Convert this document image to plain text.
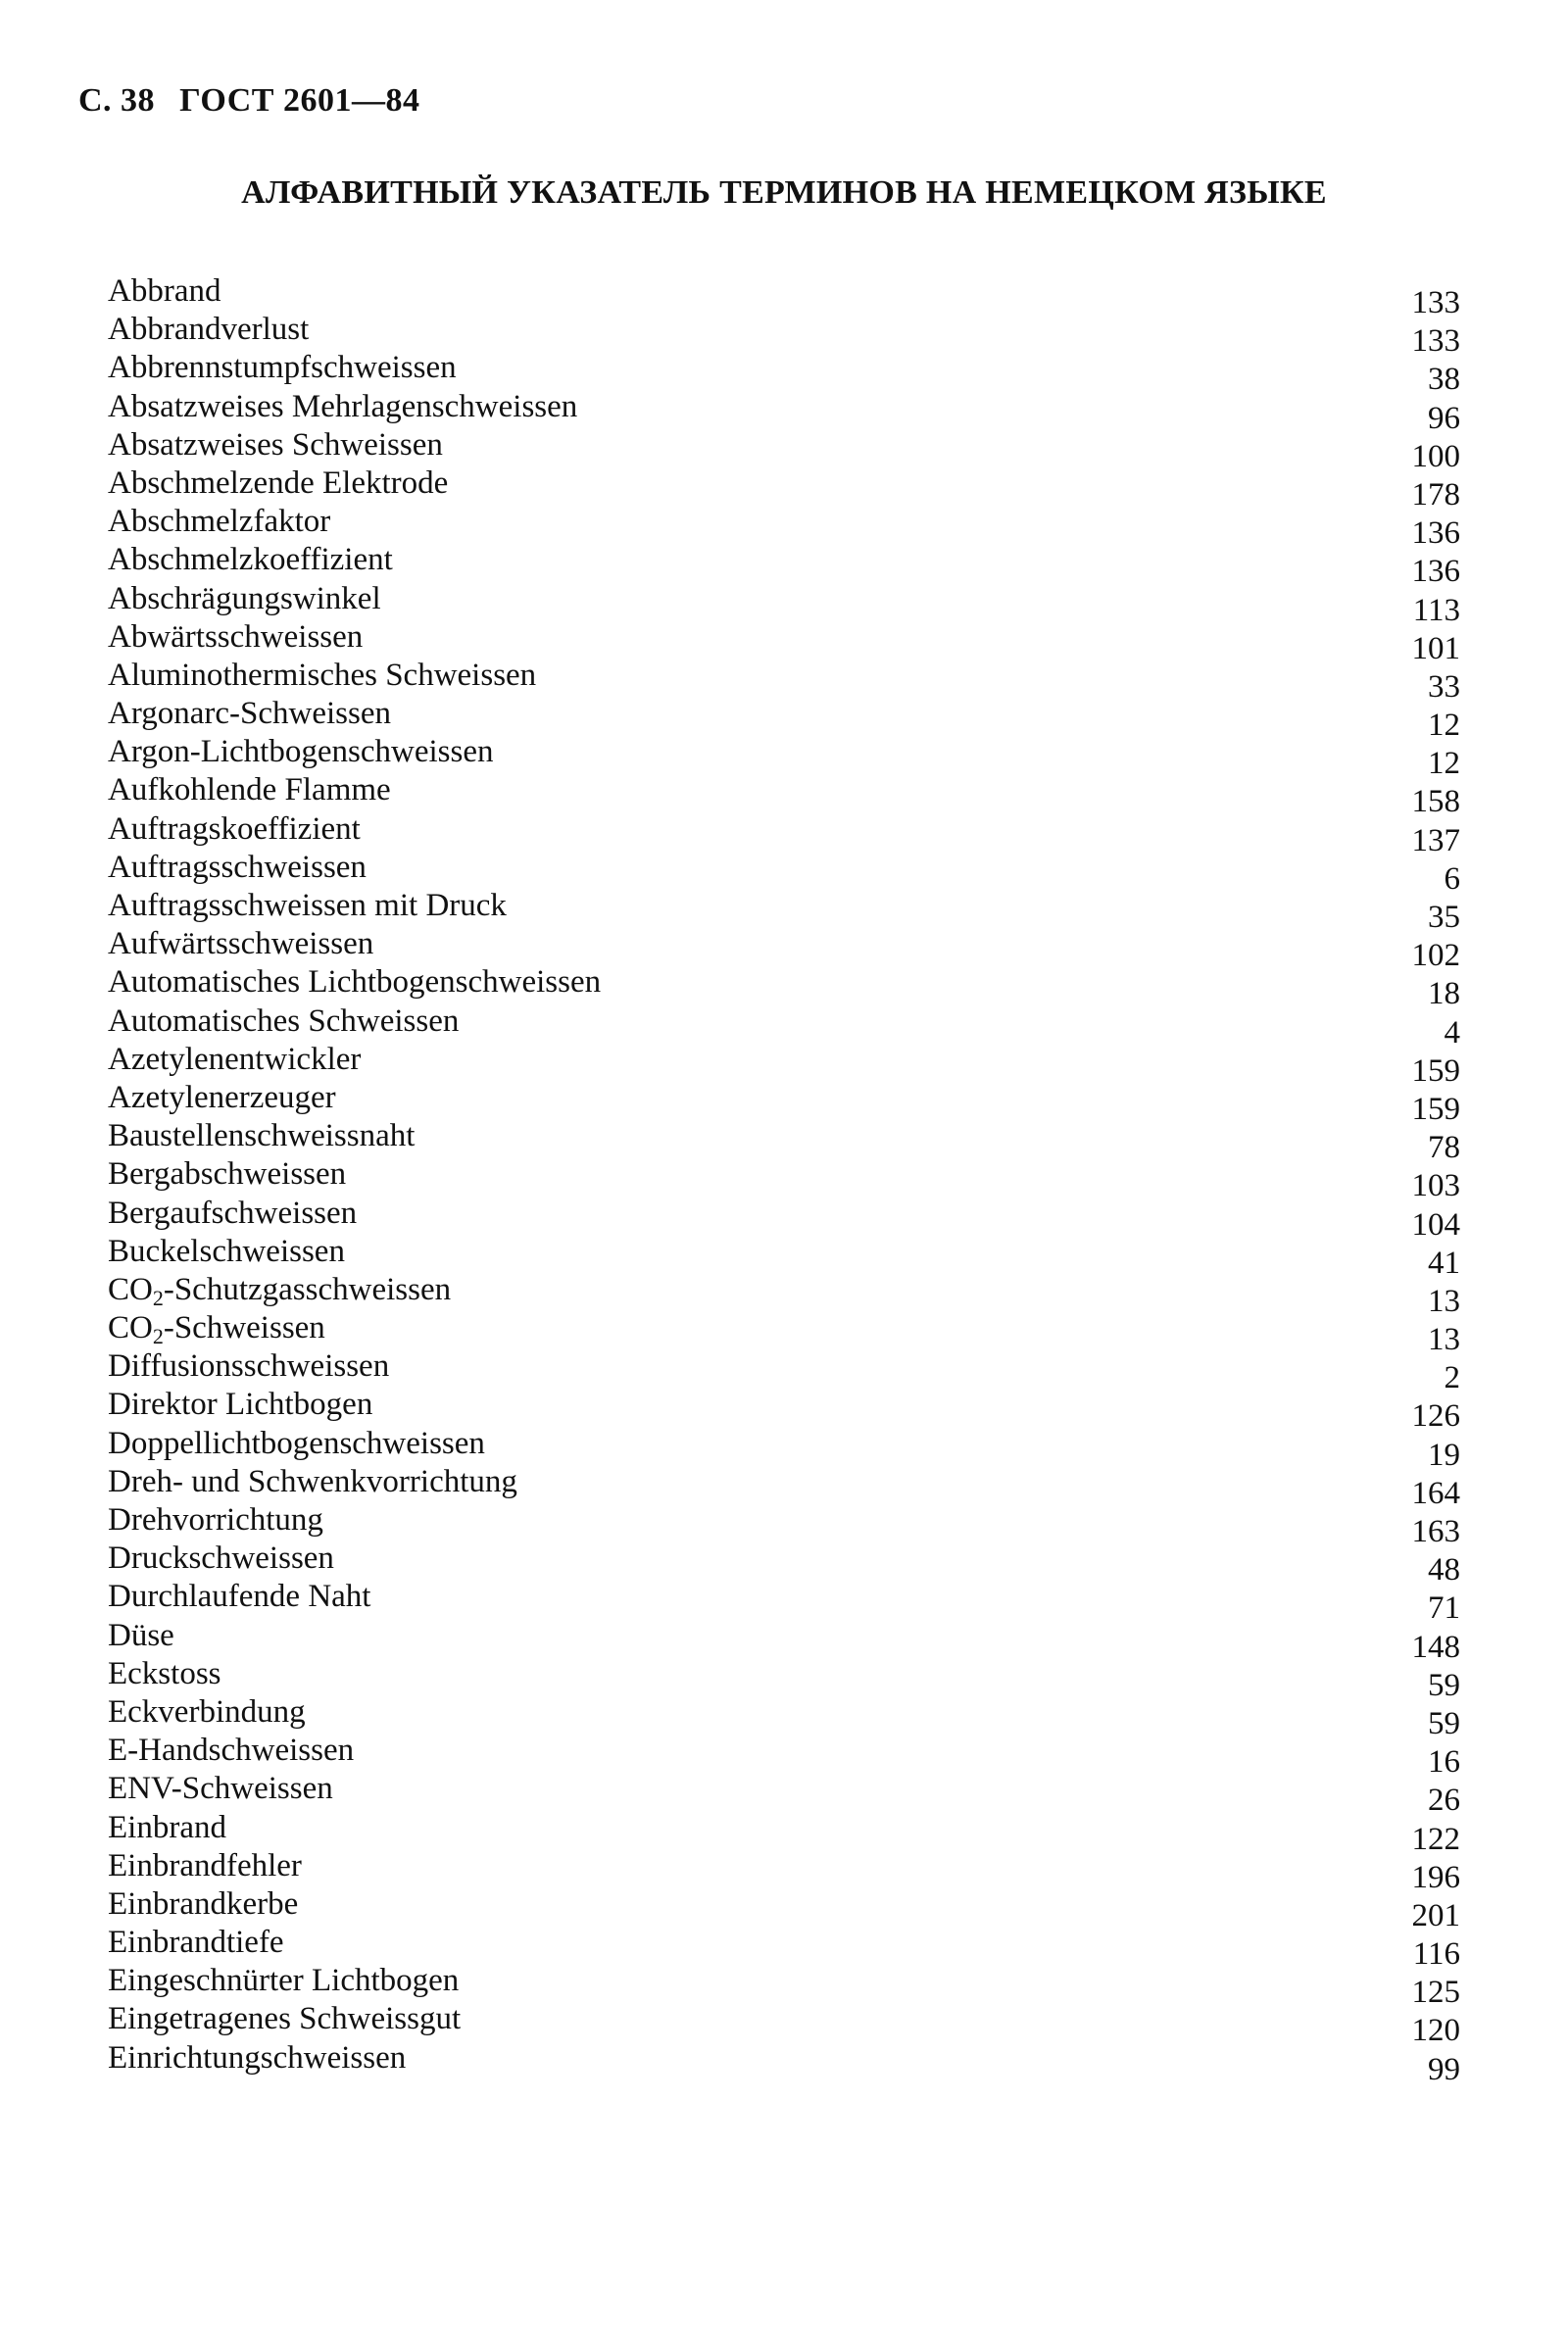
С. 38 ГОСТ 2601—84
АЛФАВИТНЫЙ УКАЗАТЕЛЬ ТЕРМИНОВ НА НЕМЕЦКОМ ЯЗЫКЕ
Abbrand	133
Abbrandverlust	133
Abbrennstumpfschweissen	38
Absatzweises Mehrlagenschweissen	96
Absatzweises Schweissen	100
Abschmelzende Elektrode	178
Abschmelzfaktor	136
Abschmelzkoeffizient	136
Abschrägungswinkel	113
Abwärtsschweissen	101
Aluminothermisches Schweissen	33
Argonarc-Schweissen	12
Argon-Lichtbogenschweissen	12
Aufkohlende Flamme	158
Auftragskoeffizient	137
Auftragsschweissen	6
Auftragsschweissen mit Druck	35
Aufwärtsschweissen	102
Automatisches Lichtbogenschweissen	18
Automatisches Schweissen	4
Azetylenentwickler	159
Azetylenerzeuger	159
Baustellenschweissnaht	78
Bergabschweissen	103
Bergaufschweissen	104
Buckelschweissen	41
CO2-Schutzgasschweissen	13
CO2-Schweissen	13
Diffusionsschweissen	2
Direktor Lichtbogen	126
Doppellichtbogenschweissen	19
Dreh- und Schwenkvorrichtung	164
Drehvorrichtung	163
Druckschweissen	48
Durchlaufende Naht	71
Düse	148
Eckstoss	59
Eckverbindung	59
E-Handschweissen	16
ENV-Schweissen	26
Einbrand	122
Einbrandfehler	196
Einbrandkerbe	201
Einbrandtiefe	116
Eingeschnürter Lichtbogen	125
Eingetragenes Schweissgut	120
Einrichtungschweissen	99
